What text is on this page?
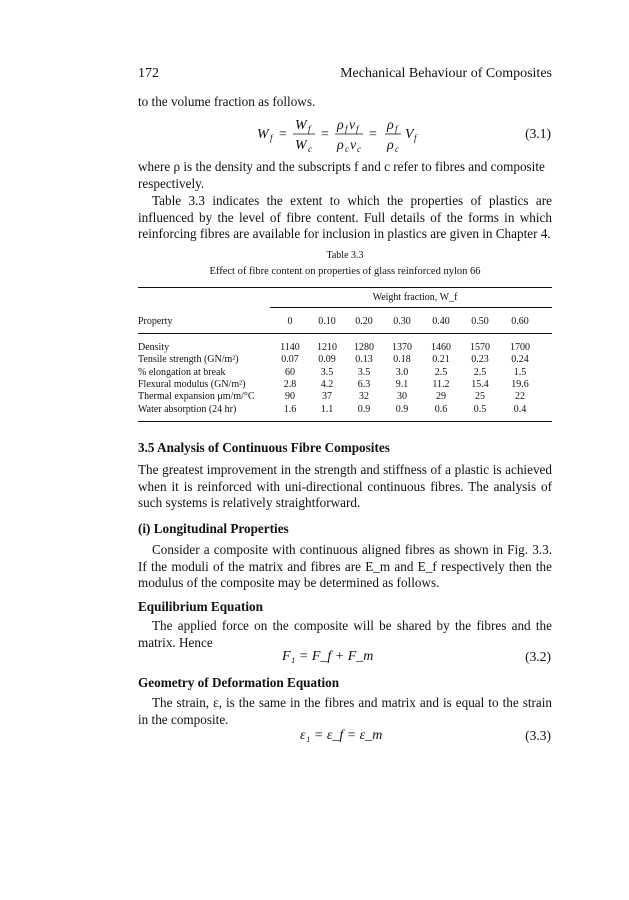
172	Mechanical Behaviour of Composites
to the volume fraction as follows.
W f =
W f
W c
=
ρ f v f
ρ c v c
=
ρ f
ρ c
V f	(3.1)
where ρ is the density and the subscripts f and c refer to fibres and composite
respectively.
Table 3.3 indicates the extent to which the properties of plastics are influenced by the level of fibre content. Full details of the forms in which reinforcing fibres are available for inclusion in plastics are given in Chapter 4.
Table 3.3
Effect of fibre content on properties of glass reinforced nylon 66
Weight fraction, W_f
Property	0	0.10	0.20	0.30	0.40	0.50	0.60
Density	1140	1210	1280	1370	1460	1570	1700
Tensile strength (GN/m²)	0.07	0.09	0.13	0.18	0.21	0.23	0.24
% elongation at break	60	3.5	3.5	3.0	2.5	2.5	1.5
Flexural modulus (GN/m²)	2.8	4.2	6.3	9.1	11.2	15.4	19.6
Thermal expansion μm/m/°C	90	37	32	30	29	25	22
Water absorption (24 hr)	1.6	1.1	0.9	0.9	0.6	0.5	0.4
3.5 Analysis of Continuous Fibre Composites
The greatest improvement in the strength and stiffness of a plastic is achieved when it is reinforced with uni-directional continuous fibres. The analysis of such systems is relatively straightforward.
(i) Longitudinal Properties
Consider a composite with continuous aligned fibres as shown in Fig. 3.3. If the moduli of the matrix and fibres are E_m and E_f respectively then the modulus of the composite may be determined as follows.
Equilibrium Equation
The applied force on the composite will be shared by the fibres and the matrix. Hence
F₁ = F_f + F_m	(3.2)
Geometry of Deformation Equation
The strain, ε, is the same in the fibres and matrix and is equal to the strain in the composite.
ε₁ = ε_f = ε_m	(3.3)
